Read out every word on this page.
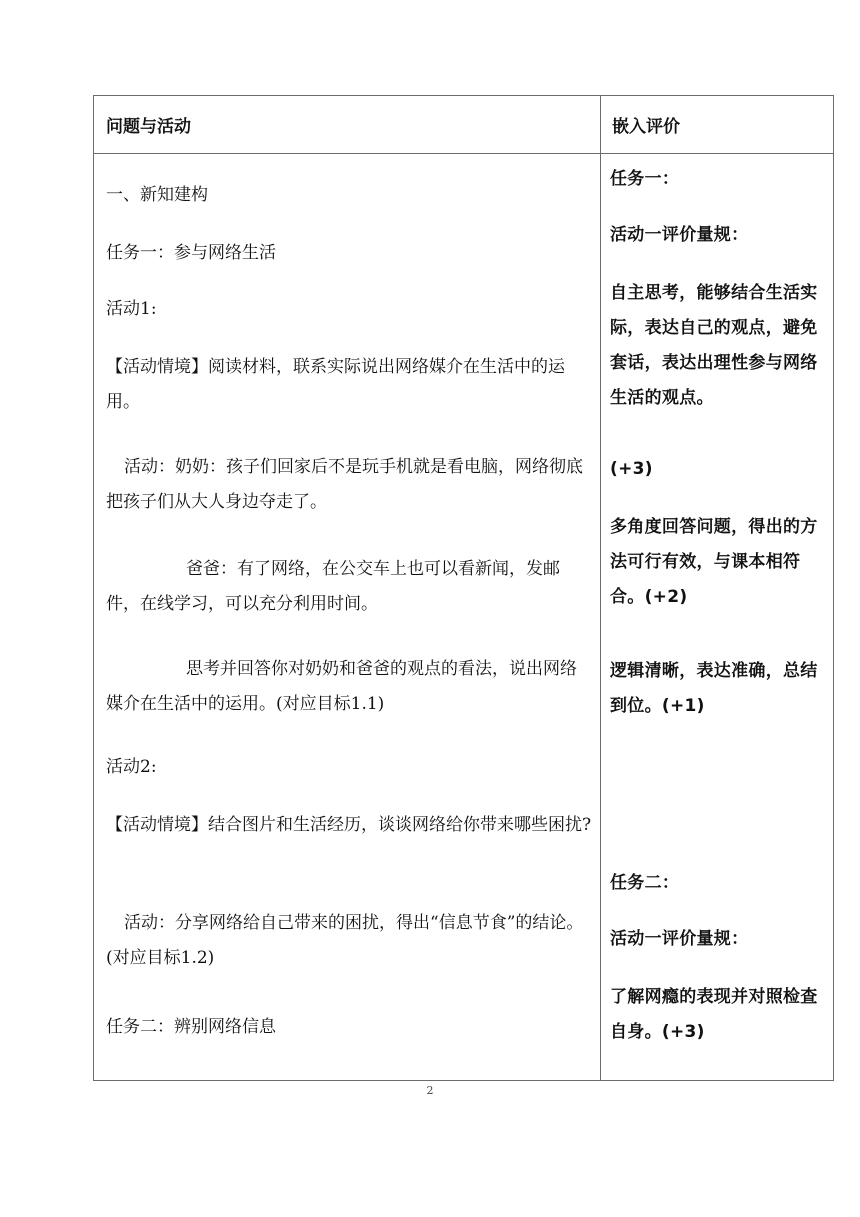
问题与活动	嵌入评价

一、新知建构

任务一：参与网络生活

活动1:

【活动情境】阅读材料，联系实际说出网络媒介在生活中的运用。

活动：奶奶：孩子们回家后不是玩手机就是看电脑，网络彻底把孩子们从大人身边夺走了。

爸爸：有了网络，在公交车上也可以看新闻，发邮件，在线学习，可以充分利用时间。

思考并回答你对奶奶和爸爸的观点的看法，说出网络媒介在生活中的运用。(对应目标1.1)

活动2:

【活动情境】结合图片和生活经历，谈谈网络给你带来哪些困扰?

活动：分享网络给自己带来的困扰，得出“信息节食”的结论。(对应目标1.2)

任务二：辨别网络信息

任务一：

活动一评价量规：

自主思考，能够结合生活实际，表达自己的观点，避免套话，表达出理性参与网络生活的观点。

(+3)

多角度回答问题，得出的方法可行有效，与课本相符合。(+2)

逻辑清晰，表达准确，总结到位。(+1)

任务二：

活动一评价量规：

了解网瘾的表现并对照检查自身。(+3)

2
